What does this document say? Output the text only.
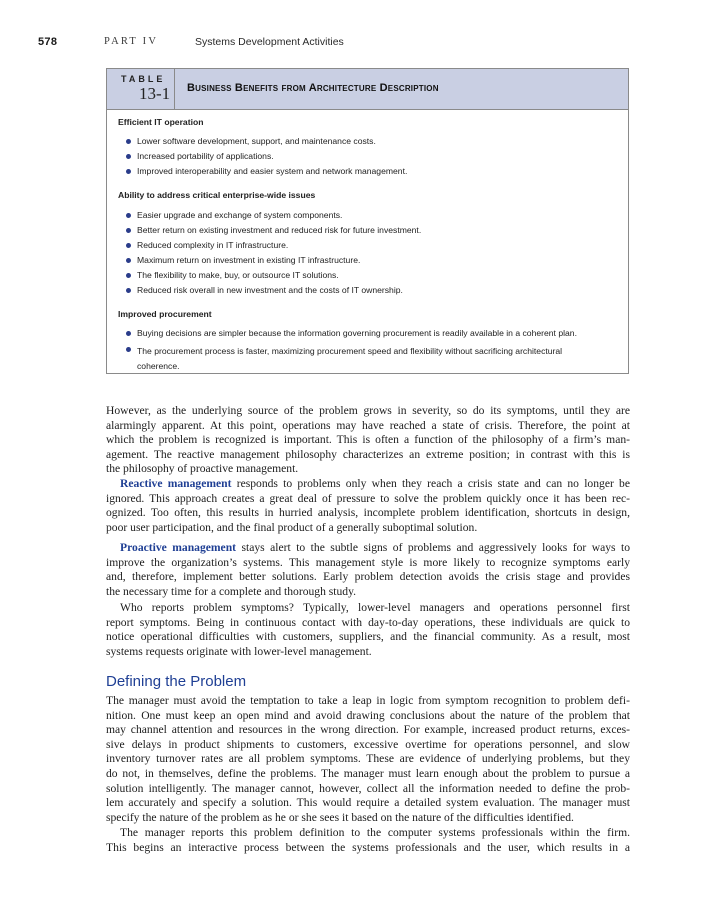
578	PART IV	Systems Development Activities
TABLE
13-1 Business Benefits from Architecture Description
Efficient IT operation
Lower software development, support, and maintenance costs.
Increased portability of applications.
Improved interoperability and easier system and network management.
Ability to address critical enterprise-wide issues
Easier upgrade and exchange of system components.
Better return on existing investment and reduced risk for future investment.
Reduced complexity in IT infrastructure.
Maximum return on investment in existing IT infrastructure.
The flexibility to make, buy, or outsource IT solutions.
Reduced risk overall in new investment and the costs of IT ownership.
Improved procurement
Buying decisions are simpler because the information governing procurement is readily available in a coherent plan.
The procurement process is faster, maximizing procurement speed and flexibility without sacrificing architectural coherence.
However, as the underlying source of the problem grows in severity, so do its symptoms, until they are
alarmingly apparent. At this point, operations may have reached a state of crisis. Therefore, the point at
which the problem is recognized is important. This is often a function of the philosophy of a firm’s man-
agement. The reactive management philosophy characterizes an extreme position; in contrast with this is
the philosophy of proactive management.
Reactive management responds to problems only when they reach a crisis state and can no longer be
ignored. This approach creates a great deal of pressure to solve the problem quickly once it has been rec-
ognized. Too often, this results in hurried analysis, incomplete problem identification, shortcuts in design,
poor user participation, and the final product of a generally suboptimal solution.
Proactive management stays alert to the subtle signs of problems and aggressively looks for ways to
improve the organization’s systems. This management style is more likely to recognize symptoms early
and, therefore, implement better solutions. Early problem detection avoids the crisis stage and provides
the necessary time for a complete and thorough study.
Who reports problem symptoms? Typically, lower-level managers and operations personnel first
report symptoms. Being in continuous contact with day-to-day operations, these individuals are quick to
notice operational difficulties with customers, suppliers, and the financial community. As a result, most
systems requests originate with lower-level management.
Defining the Problem
The manager must avoid the temptation to take a leap in logic from symptom recognition to problem defi-
nition. One must keep an open mind and avoid drawing conclusions about the nature of the problem that
may channel attention and resources in the wrong direction. For example, increased product returns, exces-
sive delays in product shipments to customers, excessive overtime for operations personnel, and slow
inventory turnover rates are all problem symptoms. These are evidence of underlying problems, but they
do not, in themselves, define the problems. The manager must learn enough about the problem to pursue a
solution intelligently. The manager cannot, however, collect all the information needed to define the prob-
lem accurately and specify a solution. This would require a detailed system evaluation. The manager must
specify the nature of the problem as he or she sees it based on the nature of the difficulties identified.
The manager reports this problem definition to the computer systems professionals within the firm.
This begins an interactive process between the systems professionals and the user, which results in a
